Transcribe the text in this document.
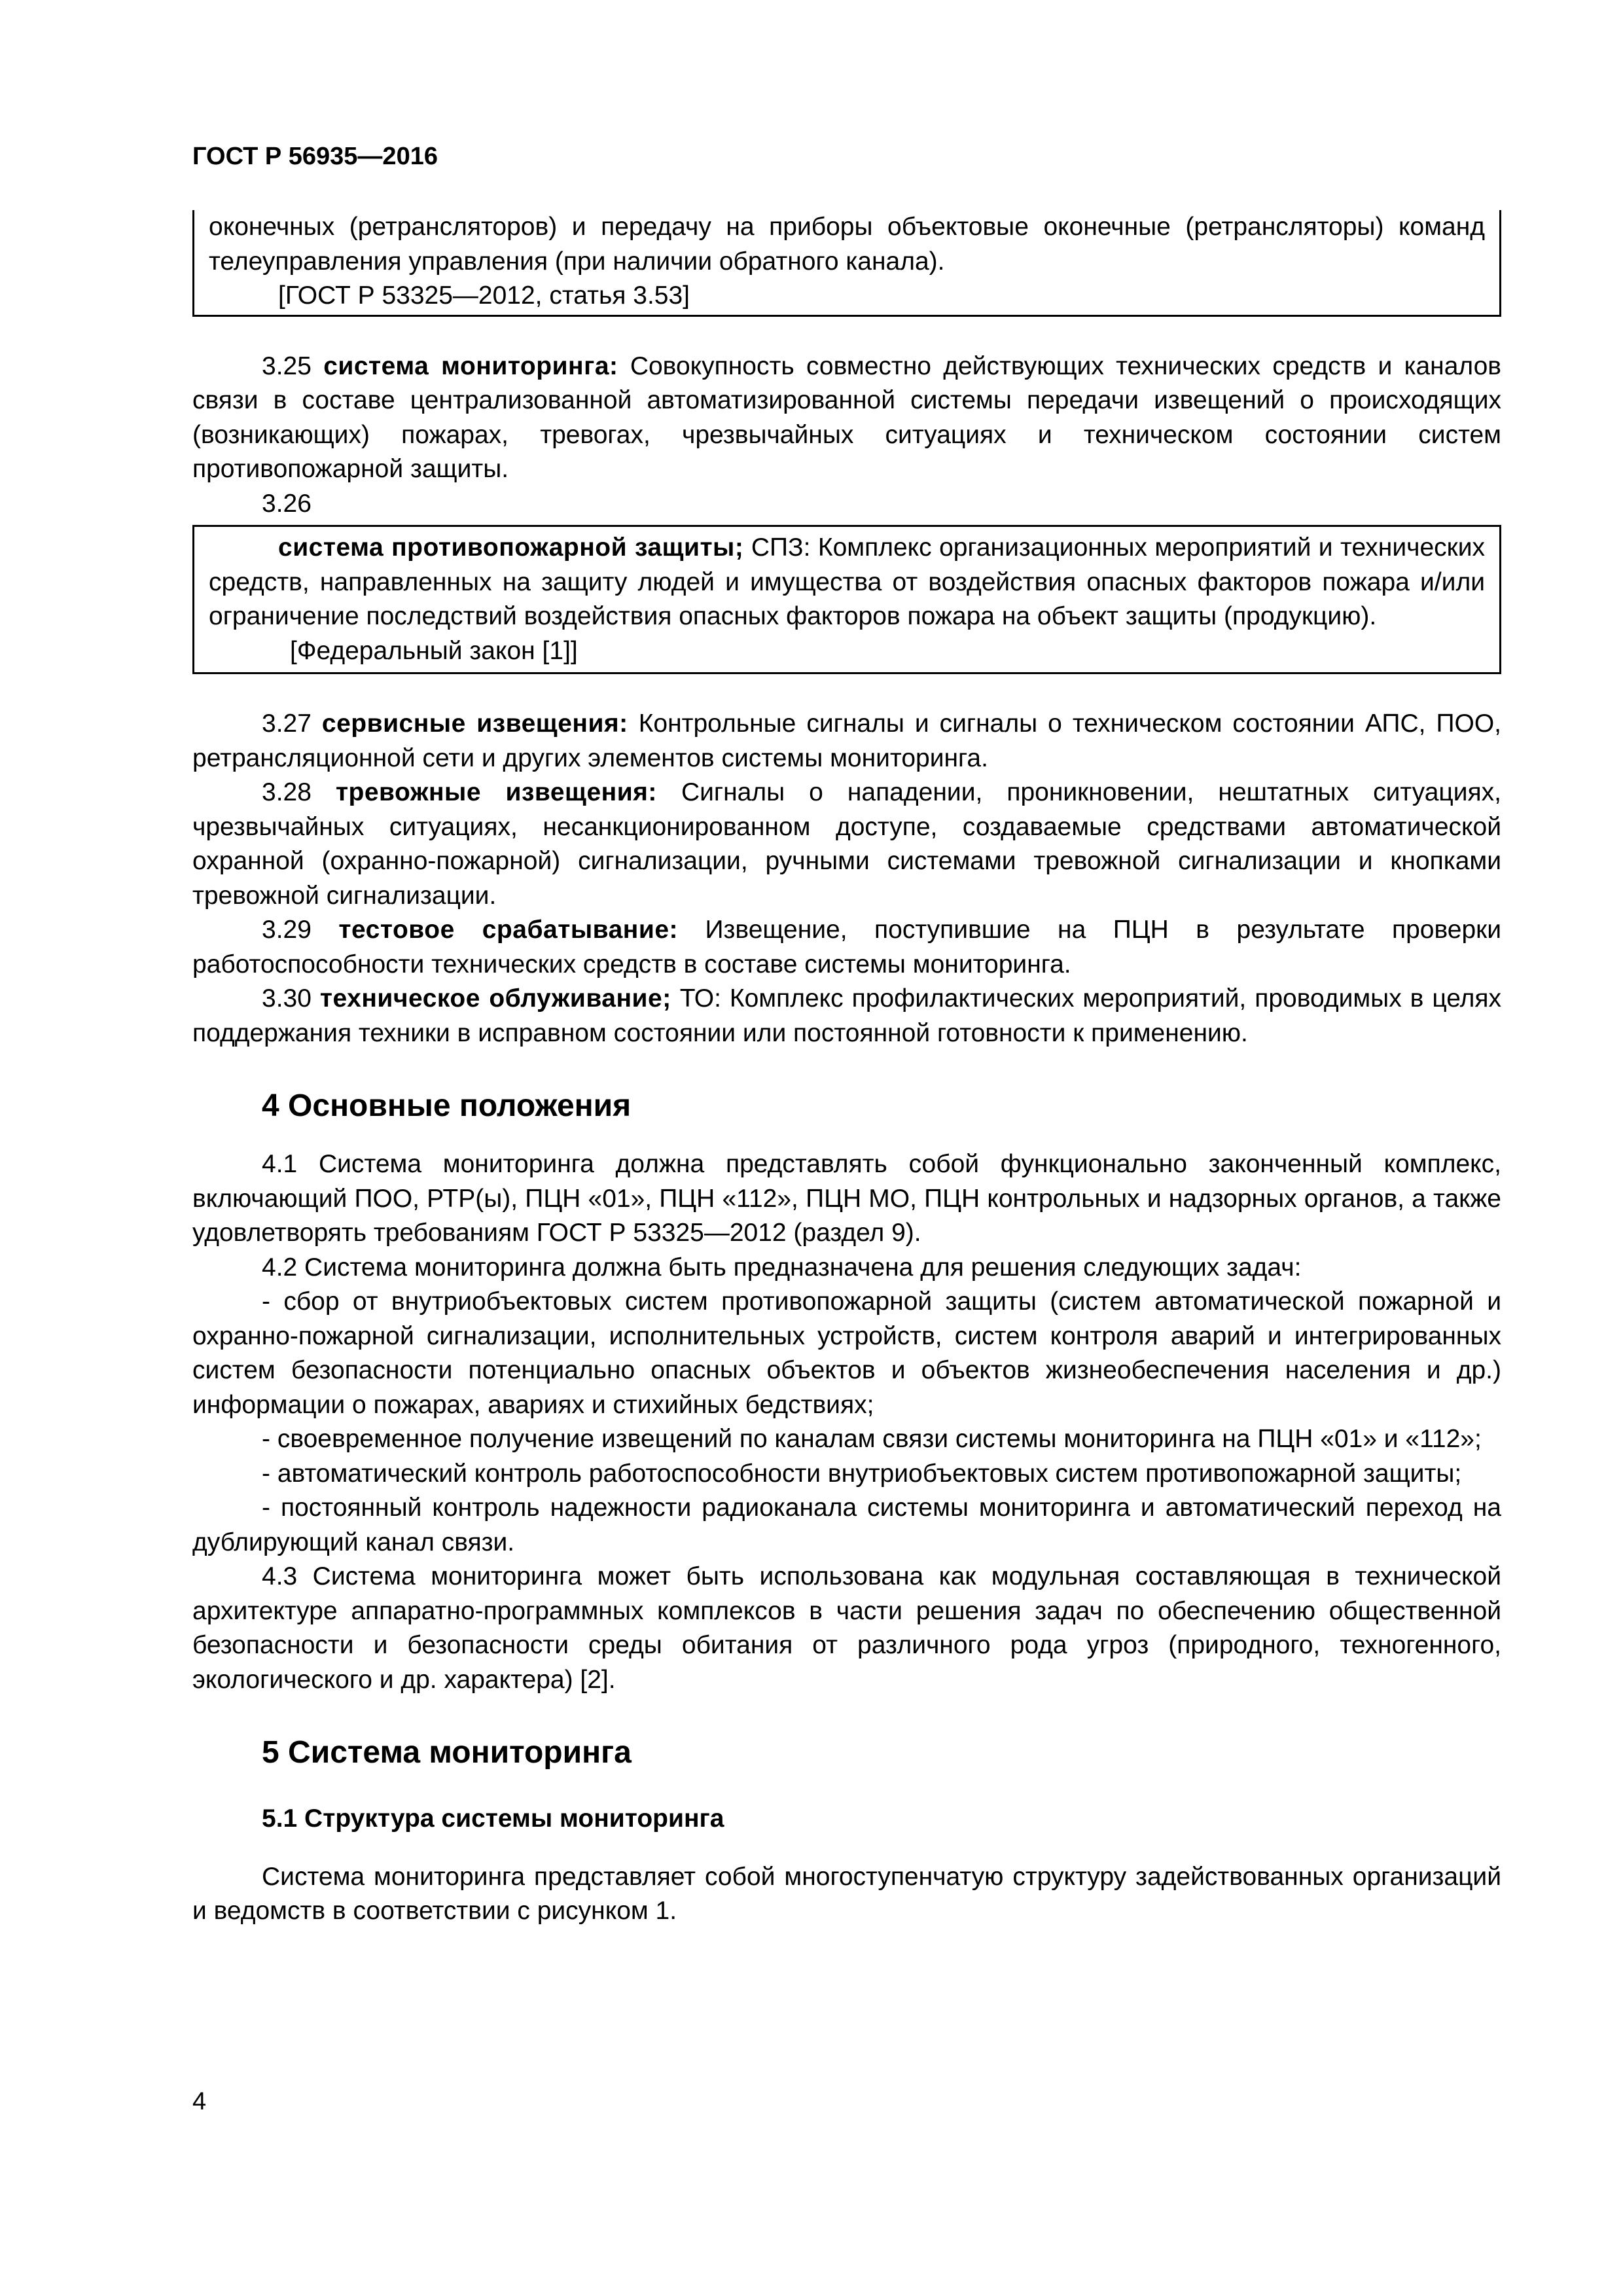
ГОСТ Р 56935—2016

оконечных (ретрансляторов) и передачу на приборы объектовые оконечные (ретрансляторы) команд телеуправления управления (при наличии обратного канала).

[ГОСТ Р 53325—2012, статья 3.53]

3.25 система мониторинга: Совокупность совместно действующих технических средств и каналов связи в составе централизованной автоматизированной системы передачи извещений о происходящих (возникающих) пожарах, тревогах, чрезвычайных ситуациях и техническом состоянии систем противопожарной защиты.

3.26

система противопожарной защиты; СПЗ: Комплекс организационных мероприятий и технических средств, направленных на защиту людей и имущества от воздействия опасных факторов пожара и/или ограничение последствий воздействия опасных факторов пожара на объект защиты (продукцию).

[Федеральный закон [1]]

3.27 сервисные извещения: Контрольные сигналы и сигналы о техническом состоянии АПС, ПОО, ретрансляционной сети и других элементов системы мониторинга.

3.28 тревожные извещения: Сигналы о нападении, проникновении, нештатных ситуациях, чрезвычайных ситуациях, несанкционированном доступе, создаваемые средствами автоматической охранной (охранно-пожарной) сигнализации, ручными системами тревожной сигнализации и кнопками тревожной сигнализации.

3.29 тестовое срабатывание: Извещение, поступившие на ПЦН в результате проверки работоспособности технических средств в составе системы мониторинга.

3.30 техническое облуживание; ТО: Комплекс профилактических мероприятий, проводимых в целях поддержания техники в исправном состоянии или постоянной готовности к применению.

4 Основные положения

4.1 Система мониторинга должна представлять собой функционально законченный комплекс, включающий ПОО, РТР(ы), ПЦН «01», ПЦН «112», ПЦН МО, ПЦН контрольных и надзорных органов, а также удовлетворять требованиям ГОСТ Р 53325—2012 (раздел 9).

4.2 Система мониторинга должна быть предназначена для решения следующих задач:

- сбор от внутриобъектовых систем противопожарной защиты (систем автоматической пожарной и охранно-пожарной сигнализации, исполнительных устройств, систем контроля аварий и интегрированных систем безопасности потенциально опасных объектов и объектов жизнеобеспечения населения и др.) информации о пожарах, авариях и стихийных бедствиях;

- своевременное получение извещений по каналам связи системы мониторинга на ПЦН «01» и «112»;

- автоматический контроль работоспособности внутриобъектовых систем противопожарной защиты;

- постоянный контроль надежности радиоканала системы мониторинга и автоматический переход на дублирующий канал связи.

4.3 Система мониторинга может быть использована как модульная составляющая в технической архитектуре аппаратно-программных комплексов в части решения задач по обеспечению общественной безопасности и безопасности среды обитания от различного рода угроз (природного, техногенного, экологического и др. характера) [2].

5 Система мониторинга
5.1 Структура системы мониторинга

Система мониторинга представляет собой многоступенчатую структуру задействованных организаций и ведомств в соответствии с рисунком 1.

4
